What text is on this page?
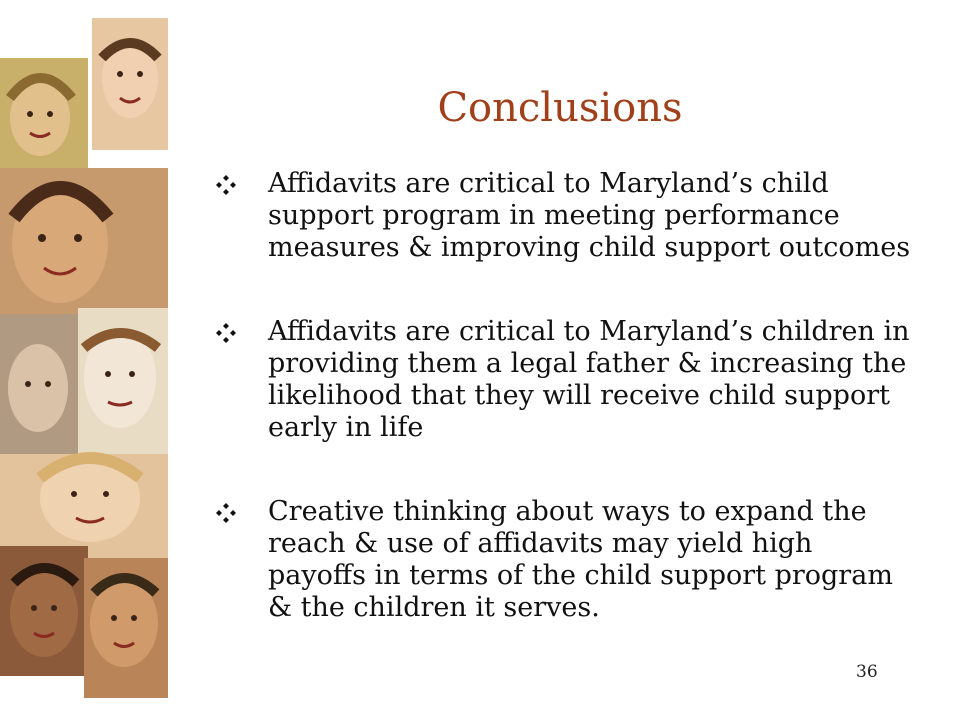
Conclusions
Affidavits are critical to Maryland’s child support program in meeting performance measures & improving child support outcomes
Affidavits are critical to Maryland’s children in providing them a legal father & increasing the likelihood that they will receive child support early in life
Creative thinking about ways to expand the reach & use of affidavits may yield high payoffs in terms of the child support program & the children it serves.
36
